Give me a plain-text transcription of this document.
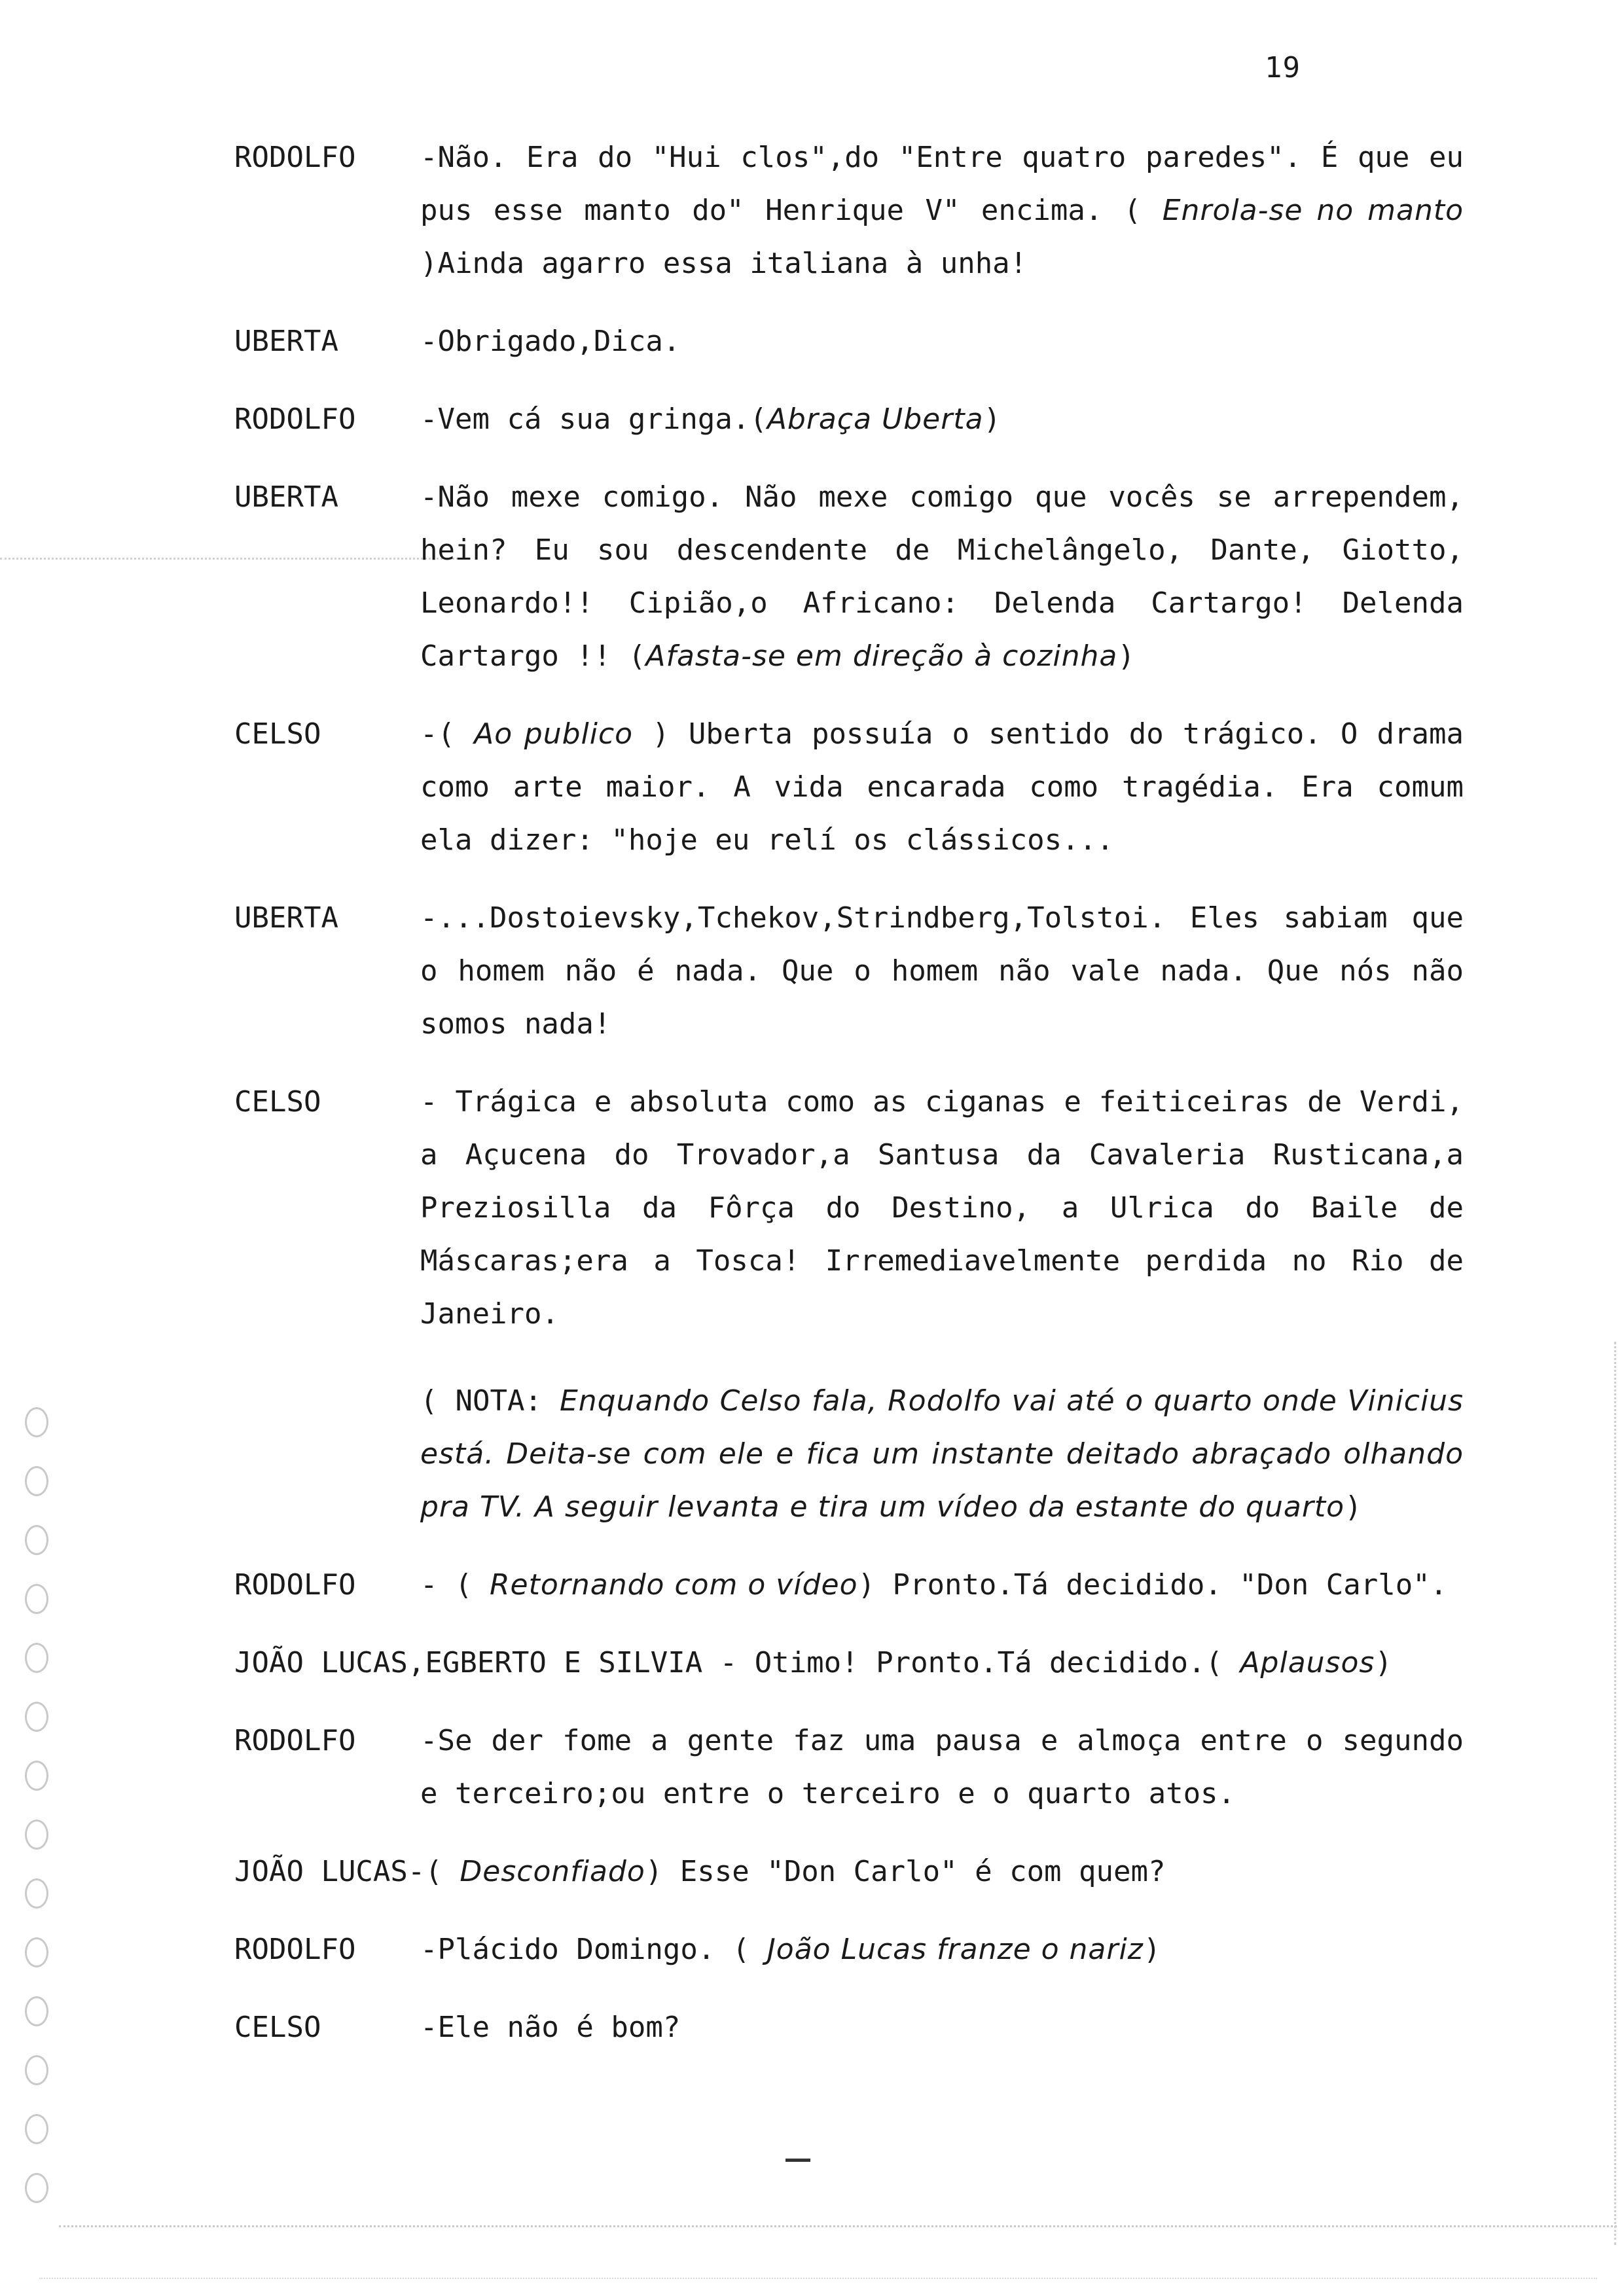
19
RODOLFO -Não. Era do "Hui clos",do "Entre quatro paredes". É que eu pus esse manto do" Henrique V" encima. ( Enrola-se no manto )Ainda agarro essa italiana à unha!
UBERTA	-Obrigado,Dica.
RODOLFO -Vem cá sua gringa.(Abraça Uberta)
UBERTA	-Não mexe comigo. Não mexe comigo que vocês se arrependem, hein? Eu sou descendente de Michelângelo, Dante, Giotto, Leonardo!! Cipião,o Africano: Delenda Cartargo! Delenda Cartargo !! (Afasta-se em direção à cozinha)
CELSO	-( Ao publico ) Uberta possuía o sentido do trágico. O drama como arte maior. A vida encarada como tragédia. Era comum ela dizer: "hoje eu relí os clássicos...
UBERTA	-...Dostoievsky,Tchekov,Strindberg,Tolstoi. Eles sabiam que o homem não é nada. Que o homem não vale nada. Que nós não somos nada!
CELSO	- Trágica e absoluta como as ciganas e feiticeiras de Verdi, a Açucena do Trovador,a Santusa da Cavaleria Rusticana,a Preziosilla da Fôrça do Destino, a Ulrica do Baile de Máscaras;era a Tosca! Irremediavelmente perdida no Rio de Janeiro.
( NOTA: Enquando Celso fala, Rodolfo vai até o quarto onde Vinicius está. Deita-se com ele e fica um instante deitado abraçado olhando pra TV. A seguir levanta e tira um vídeo da estante do quarto)
RODOLFO - ( Retornando com o vídeo) Pronto.Tá decidido. "Don Carlo".
JOÃO LUCAS,EGBERTO E SILVIA - Otimo! Pronto.Tá decidido.( Aplausos)
RODOLFO -Se der fome a gente faz uma pausa e almoça entre o segundo e terceiro;ou entre o terceiro e o quarto atos.
JOÃO LUCAS-( Desconfiado) Esse "Don Carlo" é com quem?
RODOLFO -Plácido Domingo. ( João Lucas franze o nariz)
CELSO	-Ele não é bom?
